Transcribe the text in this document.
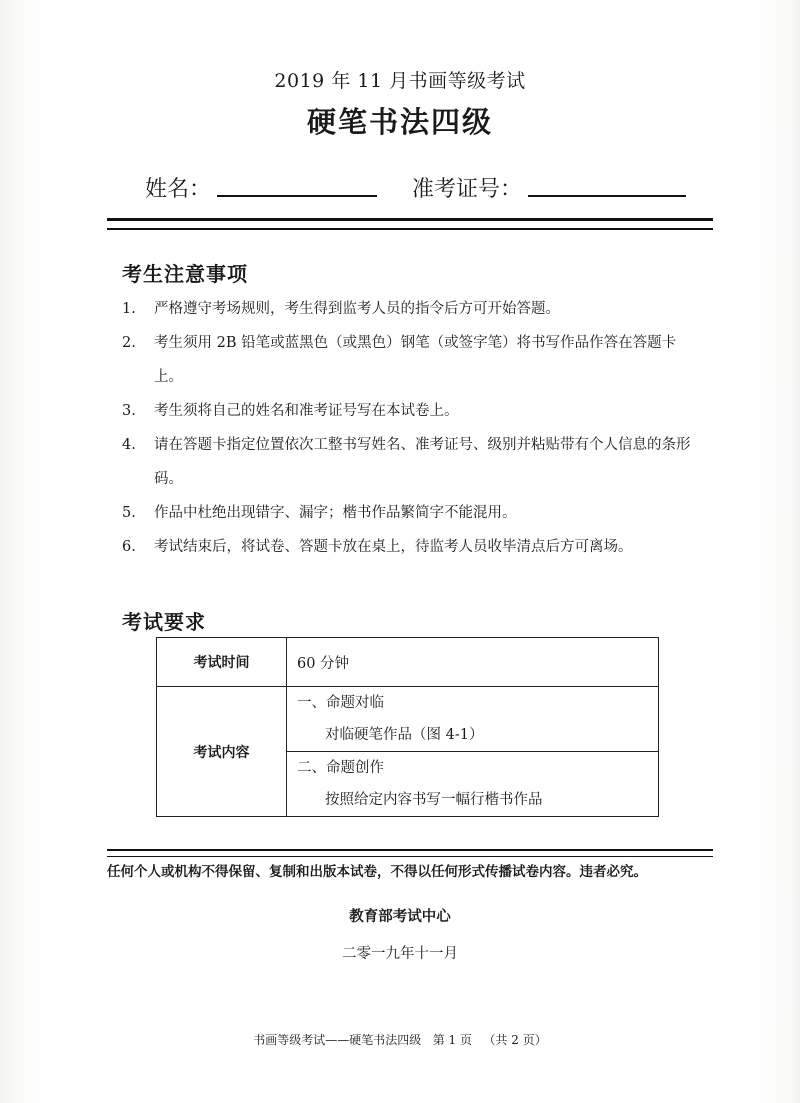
2019 年 11 月书画等级考试
硬笔书法四级
姓名：	准考证号：
考生注意事项
1.	严格遵守考场规则，考生得到监考人员的指令后方可开始答题。
2.	考生须用 2B 铅笔或蓝黑色（或黑色）钢笔（或签字笔）将书写作品作答在答题卡上。
3.	考生须将自己的姓名和准考证号写在本试卷上。
4.	请在答题卡指定位置依次工整书写姓名、准考证号、级别并粘贴带有个人信息的条形码。
5.	作品中杜绝出现错字、漏字；楷书作品繁简字不能混用。
6.	考试结束后，将试卷、答题卡放在桌上，待监考人员收毕清点后方可离场。
考试要求
考试时间	60 分钟
考试内容	一、命题对临
对临硬笔作品（图 4-1）
二、命题创作
按照给定内容书写一幅行楷书作品
任何个人或机构不得保留、复制和出版本试卷，不得以任何形式传播试卷内容。违者必究。
教育部考试中心
二零一九年十一月
书画等级考试——硬笔书法四级   第 1 页   （共 2 页）
